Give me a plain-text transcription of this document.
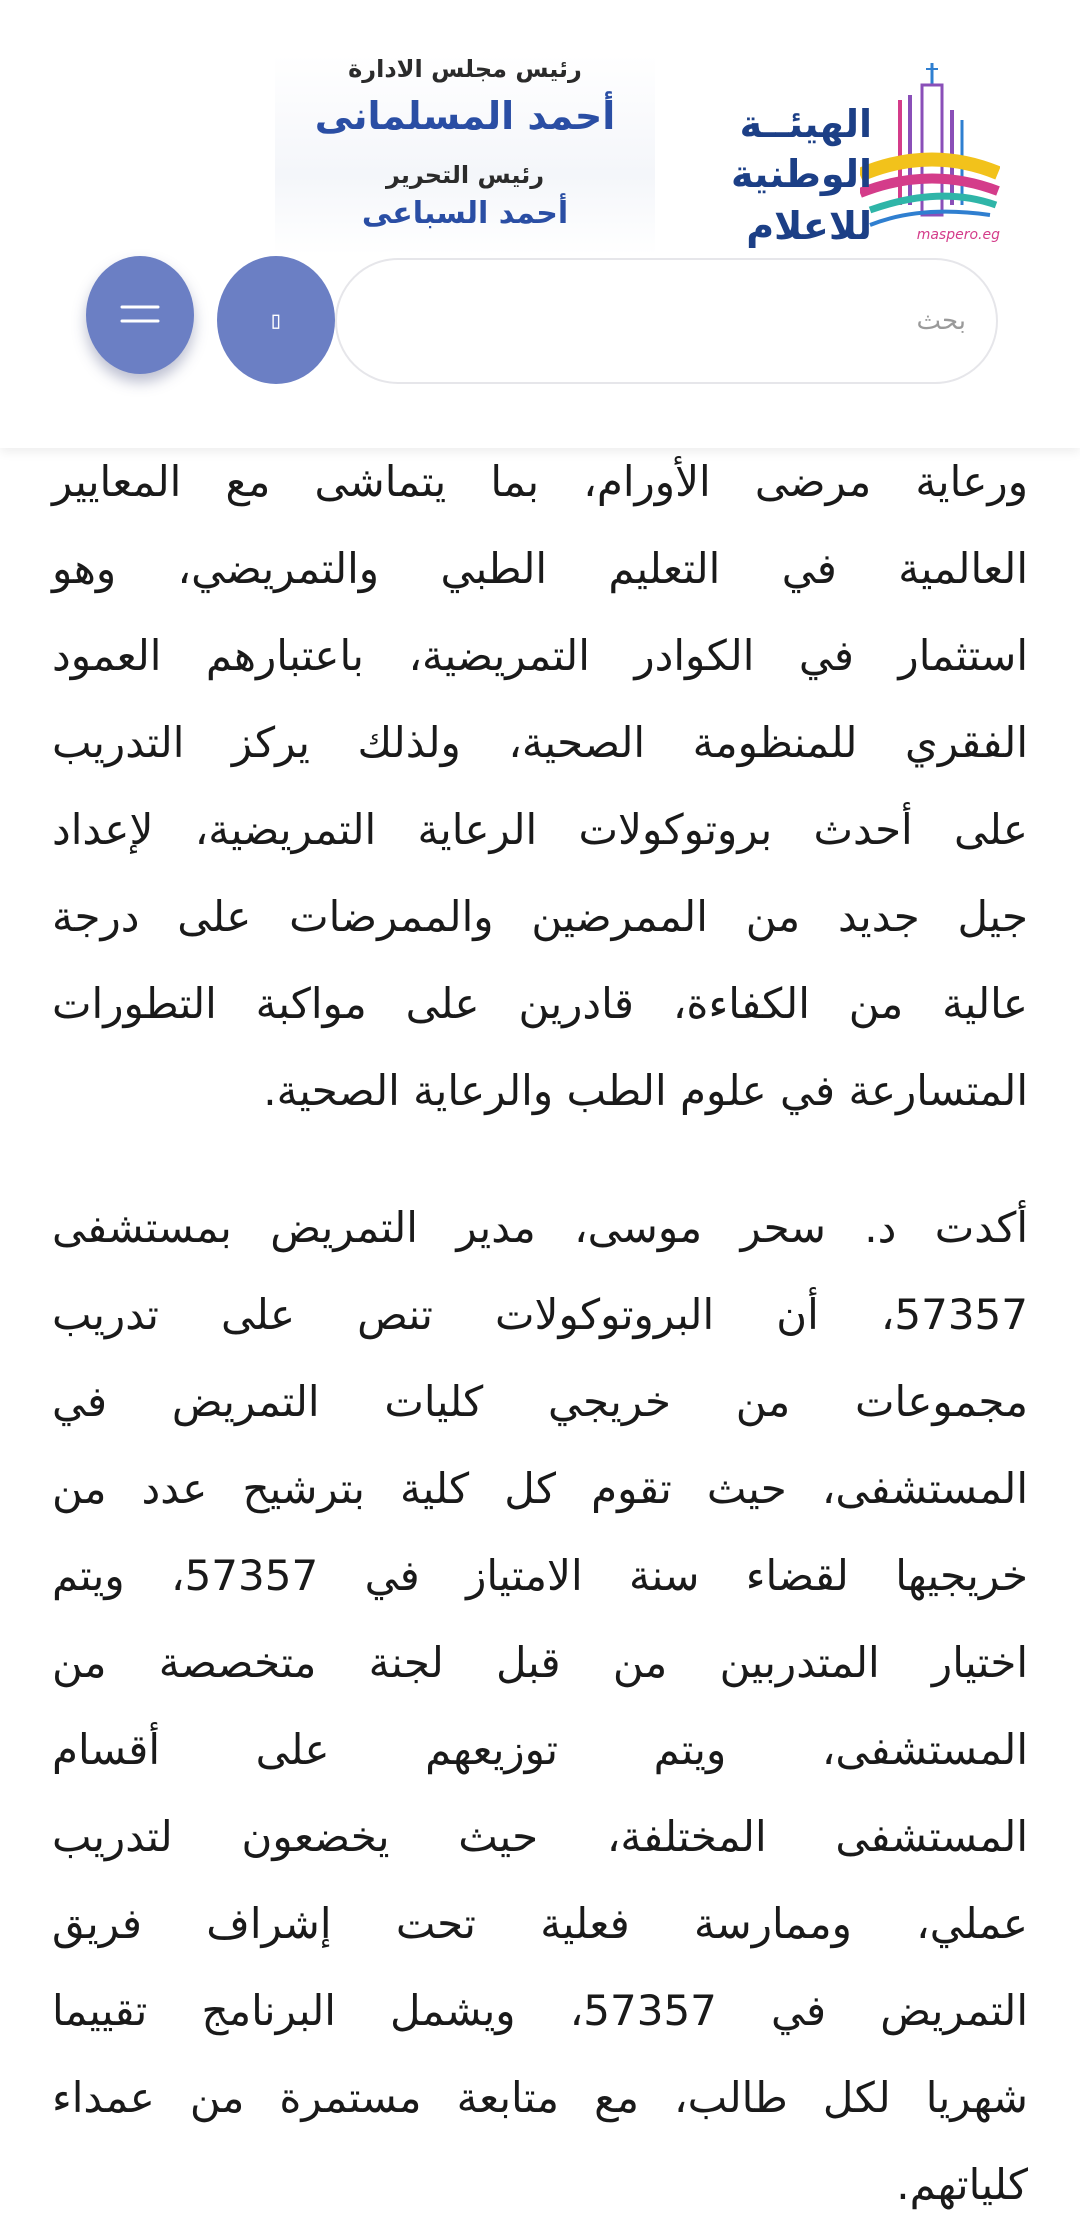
الهيئــة
الوطنية
للاعلام	maspero.eg
رئيس مجلس الادارة
أحمد المسلمانى
رئيس التحرير
أحمد السباعى
بحث
▯
ورعاية مرضى الأورام، بما يتماشى مع المعايير
العالمية في التعليم الطبي والتمريضي، وهو
استثمار في الكوادر التمريضية، باعتبارهم العمود
الفقري للمنظومة الصحية، ولذلك يركز التدريب
على أحدث بروتوكولات الرعاية التمريضية، لإعداد
جيل جديد من الممرضين والممرضات على درجة
عالية من الكفاءة، قادرين على مواكبة التطورات
المتسارعة في علوم الطب والرعاية الصحية.
أكدت د. سحر موسى، مدير التمريض بمستشفى
57357، أن البروتوكولات تنص على تدريب
مجموعات من خريجي كليات التمريض في
المستشفى، حيث تقوم كل كلية بترشيح عدد من
خريجيها لقضاء سنة الامتياز في 57357، ويتم
اختيار المتدربين من قبل لجنة متخصصة من
المستشفى، ويتم توزيعهم على أقسام
المستشفى المختلفة، حيث يخضعون لتدريب
عملي، وممارسة فعلية تحت إشراف فريق
التمريض في 57357، ويشمل البرنامج تقييما
شهريا لكل طالب، مع متابعة مستمرة من عمداء
كلياتهم.
